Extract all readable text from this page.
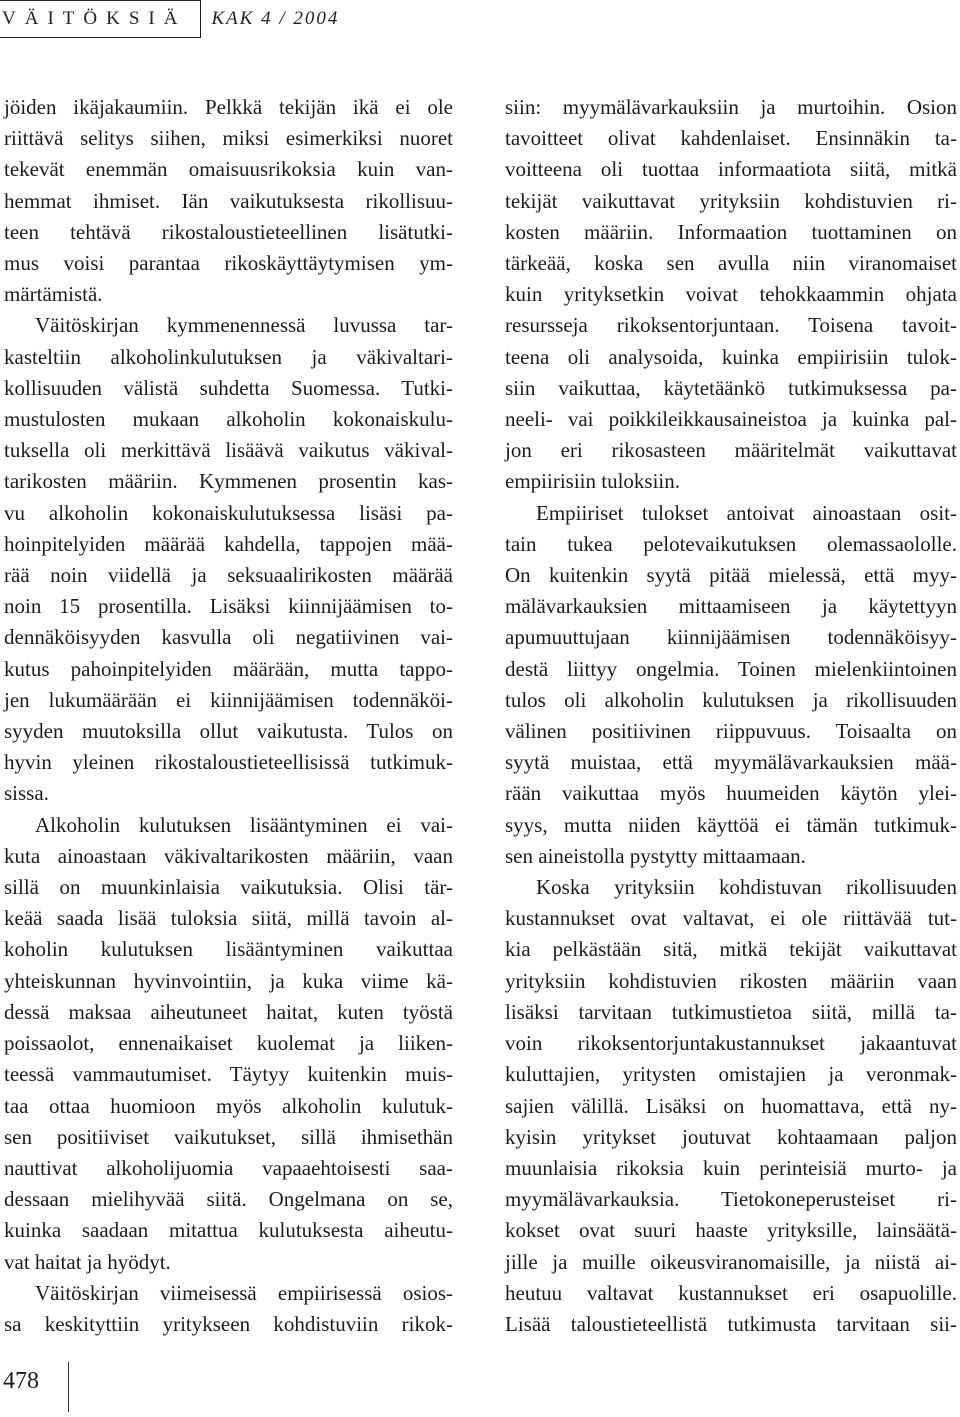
VÄITÖKSIÄ	KAK 4 / 2004

jöiden ikäjakaumiin. Pelkkä tekijän ikä ei ole
riittävä selitys siihen, miksi esimerkiksi nuoret
tekevät enemmän omaisuusrikoksia kuin van-
hemmat ihmiset. Iän vaikutuksesta rikollisuu-
teen tehtävä rikostaloustieteellinen lisätutki-
mus voisi parantaa rikoskäyttäytymisen ym-
märtämistä.

Väitöskirjan kymmenennessä luvussa tar-
kasteltiin alkoholinkulutuksen ja väkivaltari-
kollisuuden välistä suhdetta Suomessa. Tutki-
mustulosten mukaan alkoholin kokonaiskulu-
tuksella oli merkittävä lisäävä vaikutus väkival-
tarikosten määriin. Kymmenen prosentin kas-
vu alkoholin kokonaiskulutuksessa lisäsi pa-
hoinpitelyiden määrää kahdella, tappojen mää-
rää noin viidellä ja seksuaalirikosten määrää
noin 15 prosentilla. Lisäksi kiinnijäämisen to-
dennäköisyyden kasvulla oli negatiivinen vai-
kutus pahoinpitelyiden määrään, mutta tappo-
jen lukumäärään ei kiinnijäämisen todennäköi-
syyden muutoksilla ollut vaikutusta. Tulos on
hyvin yleinen rikostaloustieteellisissä tutkimuk-
sissa.

Alkoholin kulutuksen lisääntyminen ei vai-
kuta ainoastaan väkivaltarikosten määriin, vaan
sillä on muunkinlaisia vaikutuksia. Olisi tär-
keää saada lisää tuloksia siitä, millä tavoin al-
koholin kulutuksen lisääntyminen vaikuttaa
yhteiskunnan hyvinvointiin, ja kuka viime kä-
dessä maksaa aiheutuneet haitat, kuten työstä
poissaolot, ennenaikaiset kuolemat ja liiken-
teessä vammautumiset. Täytyy kuitenkin muis-
taa ottaa huomioon myös alkoholin kulutuk-
sen positiiviset vaikutukset, sillä ihmisethän
nauttivat alkoholijuomia vapaaehtoisesti saa-
dessaan mielihyvää siitä. Ongelmana on se,
kuinka saadaan mitattua kulutuksesta aiheutu-
vat haitat ja hyödyt.

Väitöskirjan viimeisessä empiirisessä osios-
sa keskityttiin yritykseen kohdistuviin rikok-

siin: myymälävarkauksiin ja murtoihin. Osion
tavoitteet olivat kahdenlaiset. Ensinnäkin ta-
voitteena oli tuottaa informaatiota siitä, mitkä
tekijät vaikuttavat yrityksiin kohdistuvien ri-
kosten määriin. Informaation tuottaminen on
tärkeää, koska sen avulla niin viranomaiset
kuin yrityksetkin voivat tehokkaammin ohjata
resursseja rikoksentorjuntaan. Toisena tavoit-
teena oli analysoida, kuinka empiirisiin tulok-
siin vaikuttaa, käytetäänkö tutkimuksessa pa-
neeli- vai poikkileikkausaineistoa ja kuinka pal-
jon eri rikosasteen määritelmät vaikuttavat
empiirisiin tuloksiin.

Empiiriset tulokset antoivat ainoastaan osit-
tain tukea pelotevaikutuksen olemassaololle.
On kuitenkin syytä pitää mielessä, että myy-
mälävarkauksien mittaamiseen ja käytettyyn
apumuuttujaan kiinnijäämisen todennäköisyy-
destä liittyy ongelmia. Toinen mielenkiintoinen
tulos oli alkoholin kulutuksen ja rikollisuuden
välinen positiivinen riippuvuus. Toisaalta on
syytä muistaa, että myymälävarkauksien mää-
rään vaikuttaa myös huumeiden käytön ylei-
syys, mutta niiden käyttöä ei tämän tutkimuk-
sen aineistolla pystytty mittaamaan.

Koska yrityksiin kohdistuvan rikollisuuden
kustannukset ovat valtavat, ei ole riittävää tut-
kia pelkästään sitä, mitkä tekijät vaikuttavat
yrityksiin kohdistuvien rikosten määriin vaan
lisäksi tarvitaan tutkimustietoa siitä, millä ta-
voin rikoksentorjuntakustannukset jakaantuvat
kuluttajien, yritysten omistajien ja veronmak-
sajien välillä. Lisäksi on huomattava, että ny-
kyisin yritykset joutuvat kohtaamaan paljon
muunlaisia rikoksia kuin perinteisiä murto- ja
myymälävarkauksia. Tietokoneperusteiset ri-
kokset ovat suuri haaste yrityksille, lainsäätä-
jille ja muille oikeusviranomaisille, ja niistä ai-
heutuu valtavat kustannukset eri osapuolille.
Lisää taloustieteellistä tutkimusta tarvitaan sii-

478
